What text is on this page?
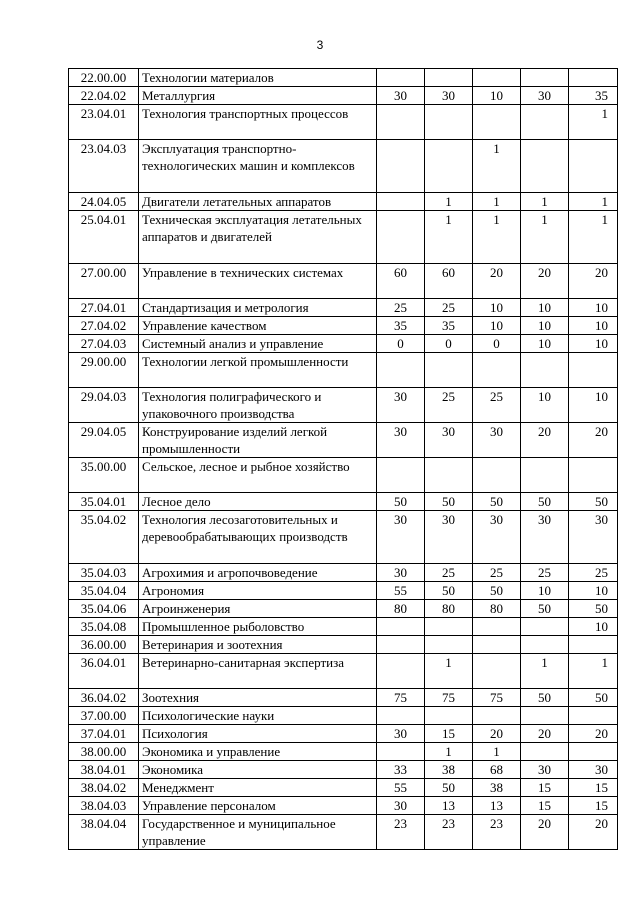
3
22.00.00	Технологии материалов					
22.04.02	Металлургия	30	30	10	30	35
23.04.01	Технология транспортных процессов					1
23.04.03	Эксплуатация транспортно-технологических машин и комплексов			1		
24.04.05	Двигатели летательных аппаратов		1	1	1	1
25.04.01	Техническая эксплуатация летательных аппаратов и двигателей		1	1	1	1
27.00.00	Управление в технических системах	60	60	20	20	20
27.04.01	Стандартизация и метрология	25	25	10	10	10
27.04.02	Управление качеством	35	35	10	10	10
27.04.03	Системный анализ и управление	0	0	0	10	10
29.00.00	Технологии легкой промышленности					
29.04.03	Технология полиграфического и упаковочного производства	30	25	25	10	10
29.04.05	Конструирование изделий легкой промышленности	30	30	30	20	20
35.00.00	Сельское, лесное и рыбное хозяйство					
35.04.01	Лесное дело	50	50	50	50	50
35.04.02	Технология лесозаготовительных и деревообрабатывающих производств	30	30	30	30	30
35.04.03	Агрохимия и агропочвоведение	30	25	25	25	25
35.04.04	Агрономия	55	50	50	10	10
35.04.06	Агроинженерия	80	80	80	50	50
35.04.08	Промышленное рыболовство					10
36.00.00	Ветеринария и зоотехния					
36.04.01	Ветеринарно-санитарная экспертиза		1		1	1
36.04.02	Зоотехния	75	75	75	50	50
37.00.00	Психологические науки					
37.04.01	Психология	30	15	20	20	20
38.00.00	Экономика и управление		1	1		
38.04.01	Экономика	33	38	68	30	30
38.04.02	Менеджмент	55	50	38	15	15
38.04.03	Управление персоналом	30	13	13	15	15
38.04.04	Государственное и муниципальное управление	23	23	23	20	20
